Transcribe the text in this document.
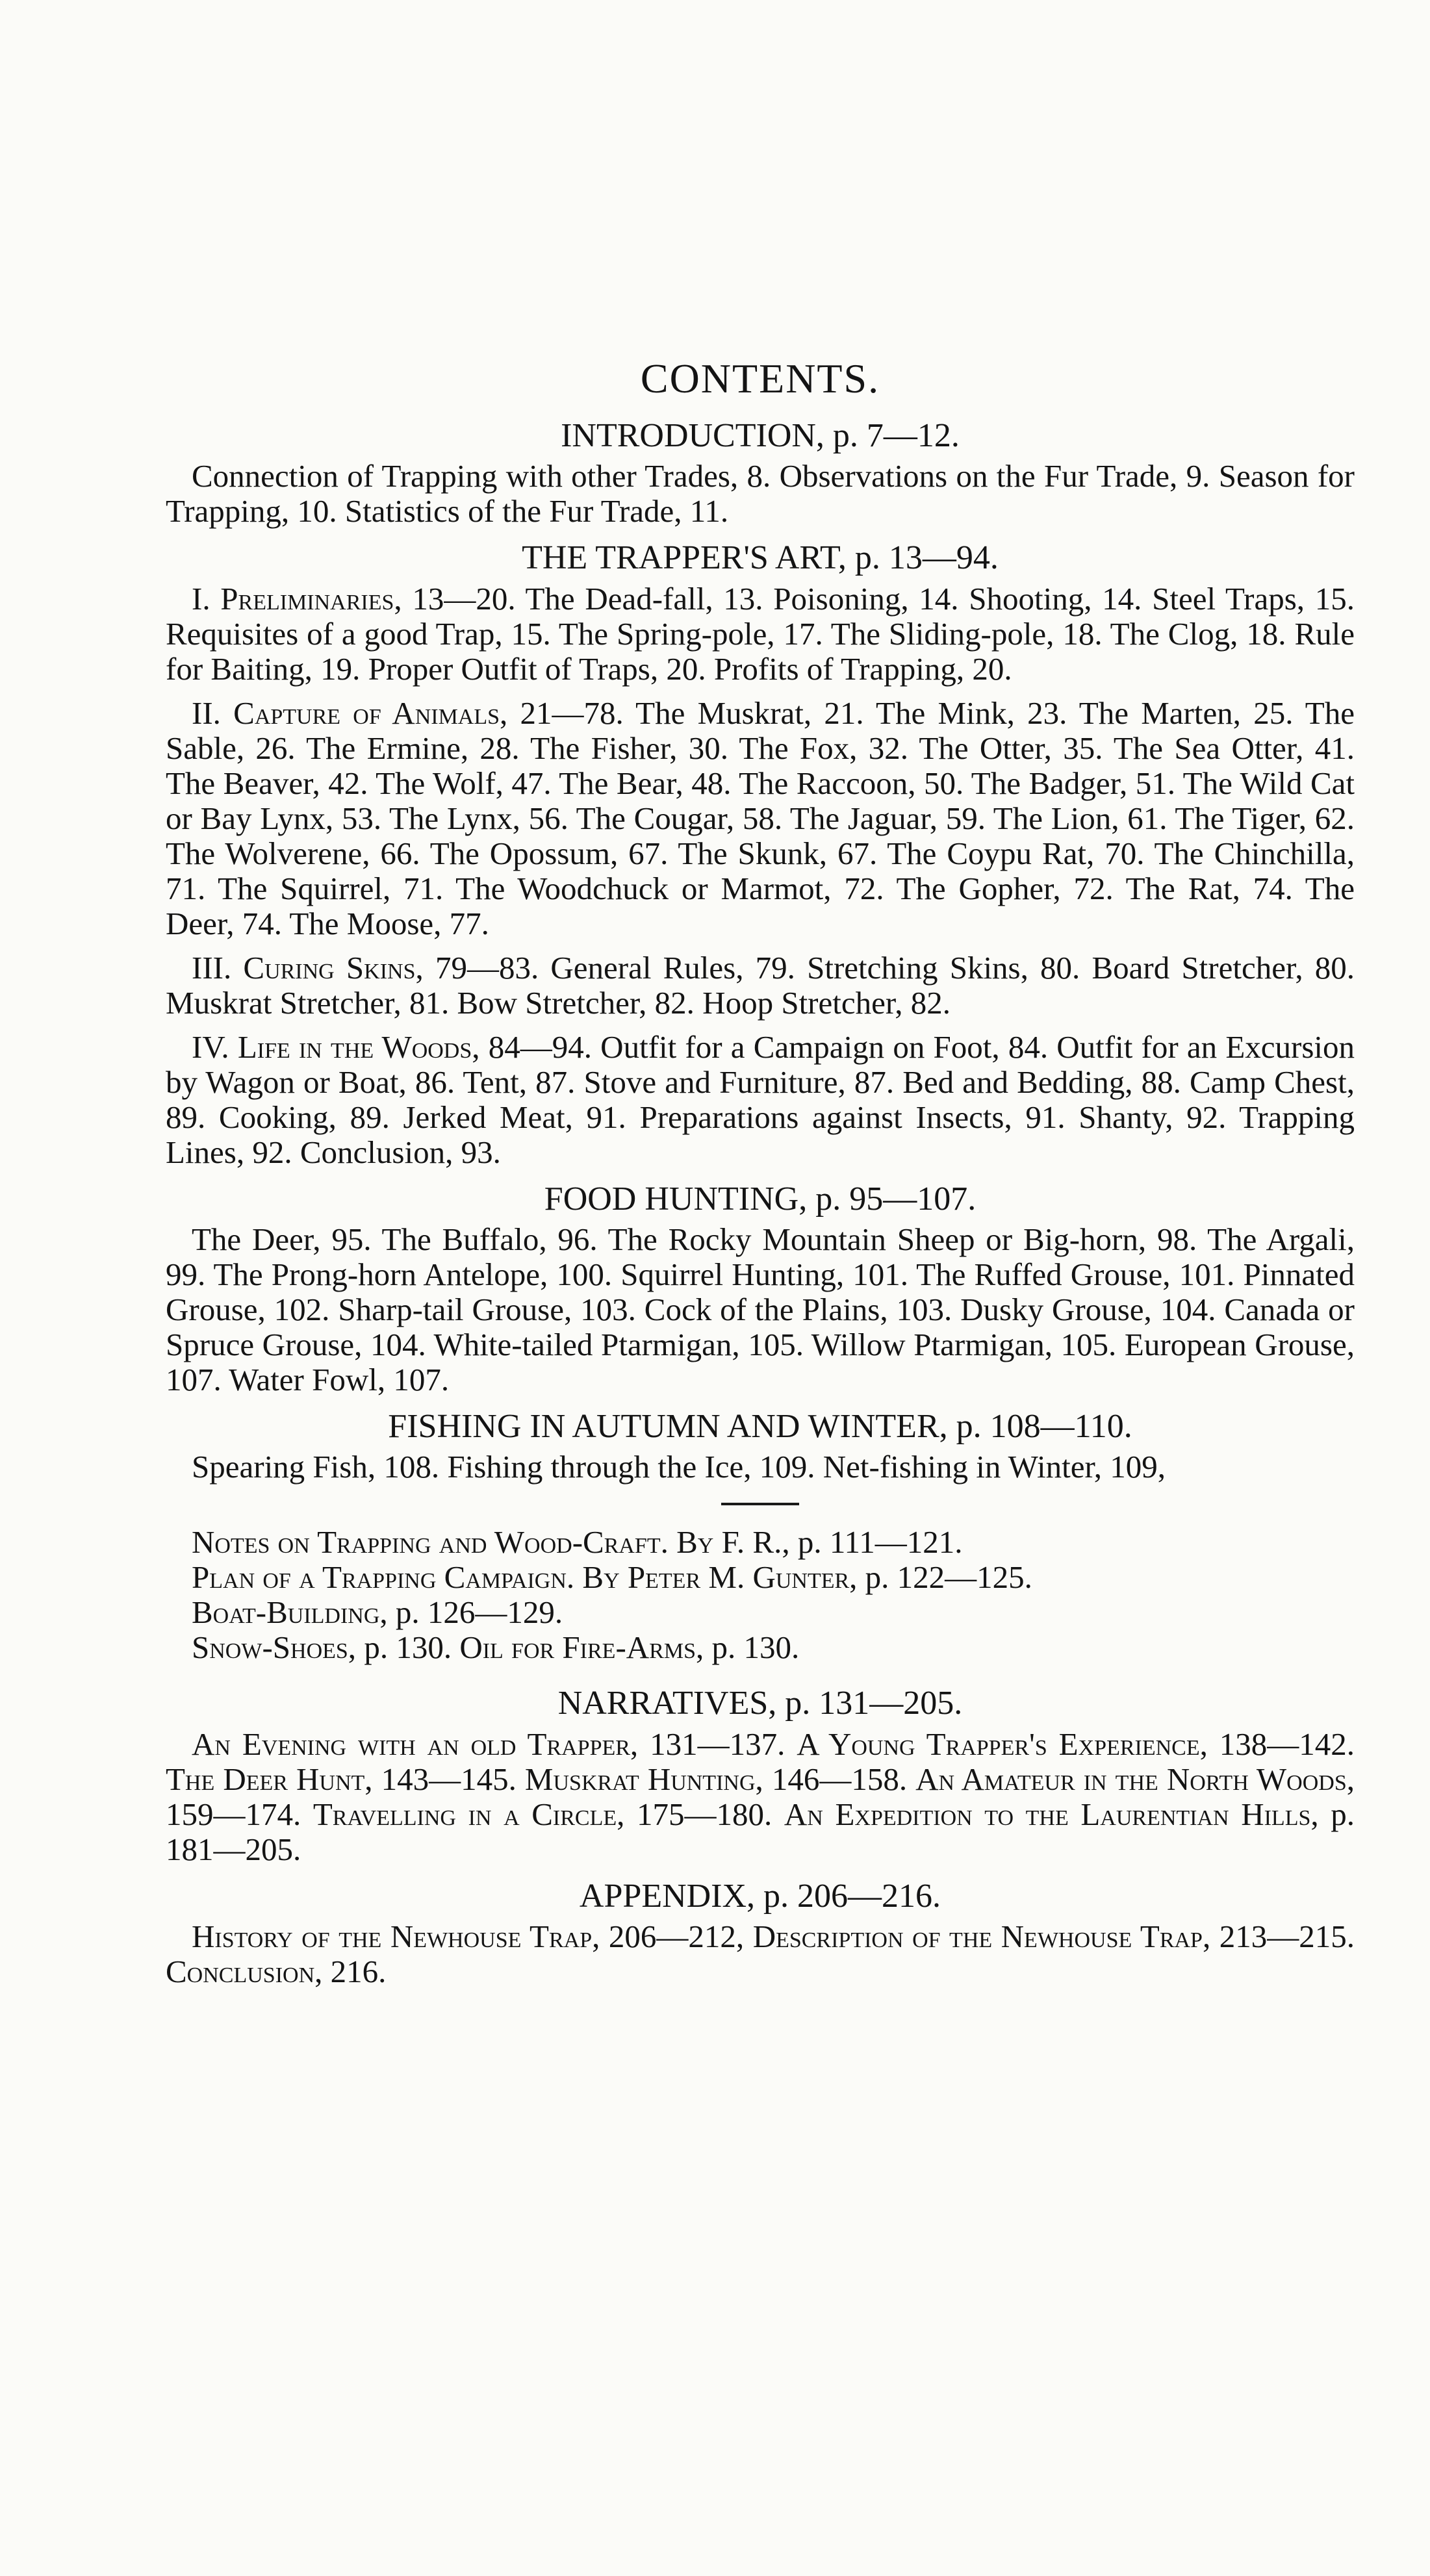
CONTENTS.
INTRODUCTION, p. 7—12.

Connection of Trapping with other Trades, 8. Observations on the Fur Trade, 9. Season for Trapping, 10. Statistics of the Fur Trade, 11.

THE TRAPPER'S ART, p. 13—94.

I. Preliminaries, 13—20. The Dead-fall, 13. Poisoning, 14. Shooting, 14. Steel Traps, 15. Requisites of a good Trap, 15. The Spring-pole, 17. The Sliding-pole, 18. The Clog, 18. Rule for Baiting, 19. Proper Outfit of Traps, 20. Profits of Trapping, 20.

II. Capture of Animals, 21—78. The Muskrat, 21. The Mink, 23. The Marten, 25. The Sable, 26. The Ermine, 28. The Fisher, 30. The Fox, 32. The Otter, 35. The Sea Otter, 41. The Beaver, 42. The Wolf, 47. The Bear, 48. The Raccoon, 50. The Badger, 51. The Wild Cat or Bay Lynx, 53. The Lynx, 56. The Cougar, 58. The Jaguar, 59. The Lion, 61. The Tiger, 62. The Wolverene, 66. The Opossum, 67. The Skunk, 67. The Coypu Rat, 70. The Chinchilla, 71. The Squirrel, 71. The Woodchuck or Marmot, 72. The Gopher, 72. The Rat, 74. The Deer, 74. The Moose, 77.

III. Curing Skins, 79—83. General Rules, 79. Stretching Skins, 80. Board Stretcher, 80. Muskrat Stretcher, 81. Bow Stretcher, 82. Hoop Stretcher, 82.

IV. Life in the Woods, 84—94. Outfit for a Campaign on Foot, 84. Outfit for an Excursion by Wagon or Boat, 86. Tent, 87. Stove and Furniture, 87. Bed and Bedding, 88. Camp Chest, 89. Cooking, 89. Jerked Meat, 91. Preparations against Insects, 91. Shanty, 92. Trapping Lines, 92. Conclusion, 93.

FOOD HUNTING, p. 95—107.

The Deer, 95. The Buffalo, 96. The Rocky Mountain Sheep or Big-horn, 98. The Argali, 99. The Prong-horn Antelope, 100. Squirrel Hunting, 101. The Ruffed Grouse, 101. Pinnated Grouse, 102. Sharp-tail Grouse, 103. Cock of the Plains, 103. Dusky Grouse, 104. Canada or Spruce Grouse, 104. White-tailed Ptarmigan, 105. Willow Ptarmigan, 105. European Grouse, 107. Water Fowl, 107.

FISHING IN AUTUMN AND WINTER, p. 108—110.

Spearing Fish, 108. Fishing through the Ice, 109. Net-fishing in Winter, 109,

Notes on Trapping and Wood-Craft. By F. R., p. 111—121.

Plan of a Trapping Campaign. By Peter M. Gunter, p. 122—125.

Boat-Building, p. 126—129.

Snow-Shoes, p. 130. Oil for Fire-Arms, p. 130.

NARRATIVES, p. 131—205.

An Evening with an old Trapper, 131—137. A Young Trapper's Experience, 138—142. The Deer Hunt, 143—145. Muskrat Hunting, 146—158. An Amateur in the North Woods, 159—174. Travelling in a Circle, 175—180. An Expedition to the Laurentian Hills, p. 181—205.

APPENDIX, p. 206—216.

History of the Newhouse Trap, 206—212, Description of the Newhouse Trap, 213—215. Conclusion, 216.
